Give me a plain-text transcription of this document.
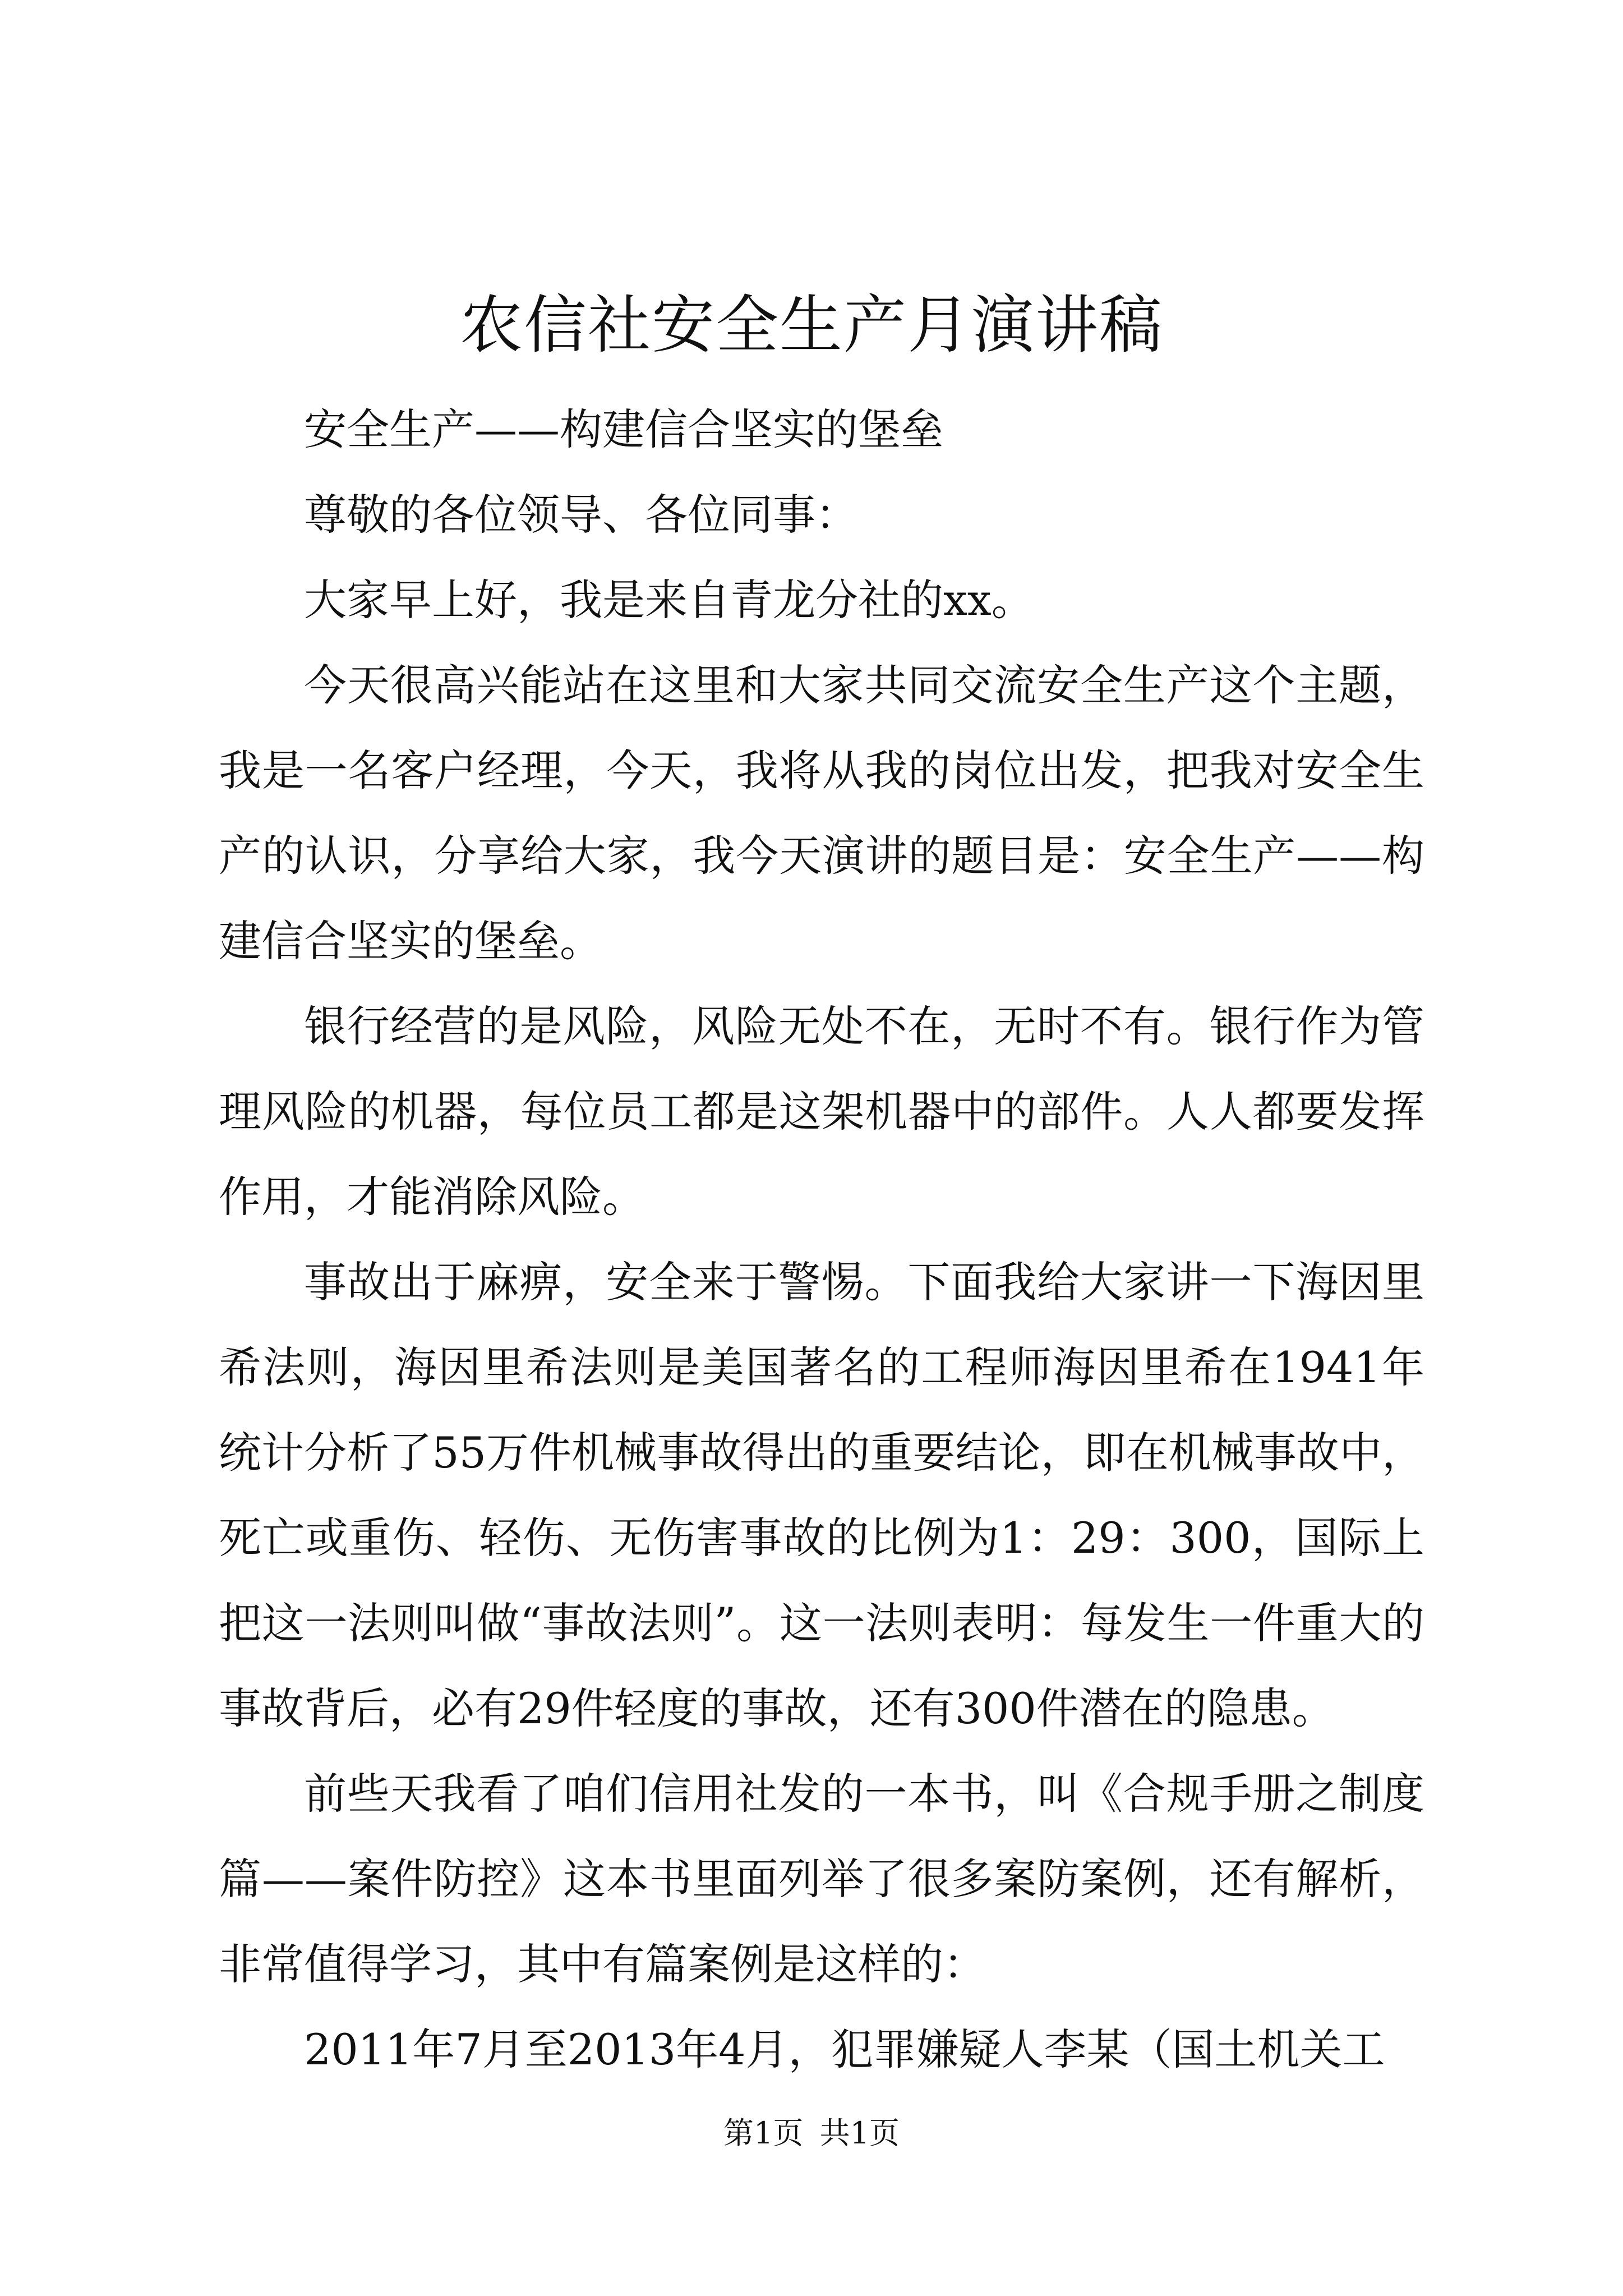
农信社安全生产月演讲稿

安全生产——构建信合坚实的堡垒

尊敬的各位领导、各位同事：

大家早上好，我是来自青龙分社的xx。

今天很高兴能站在这里和大家共同交流安全生产这个主题，我是一名客户经理，今天，我将从我的岗位出发，把我对安全生产的认识，分享给大家，我今天演讲的题目是：安全生产——构建信合坚实的堡垒。

银行经营的是风险，风险无处不在，无时不有。银行作为管理风险的机器，每位员工都是这架机器中的部件。人人都要发挥作用，才能消除风险。

事故出于麻痹，安全来于警惕。下面我给大家讲一下海因里希法则，海因里希法则是美国著名的工程师海因里希在1941年统计分析了55万件机械事故得出的重要结论，即在机械事故中，死亡或重伤、轻伤、无伤害事故的比例为1：29：300，国际上把这一法则叫做“事故法则”。这一法则表明：每发生一件重大的事故背后，必有29件轻度的事故，还有300件潜在的隐患。

前些天我看了咱们信用社发的一本书，叫《合规手册之制度篇——案件防控》这本书里面列举了很多案防案例，还有解析，非常值得学习，其中有篇案例是这样的：

2011年7月至2013年4月，犯罪嫌疑人李某（国土机关工

第1页 共1页
